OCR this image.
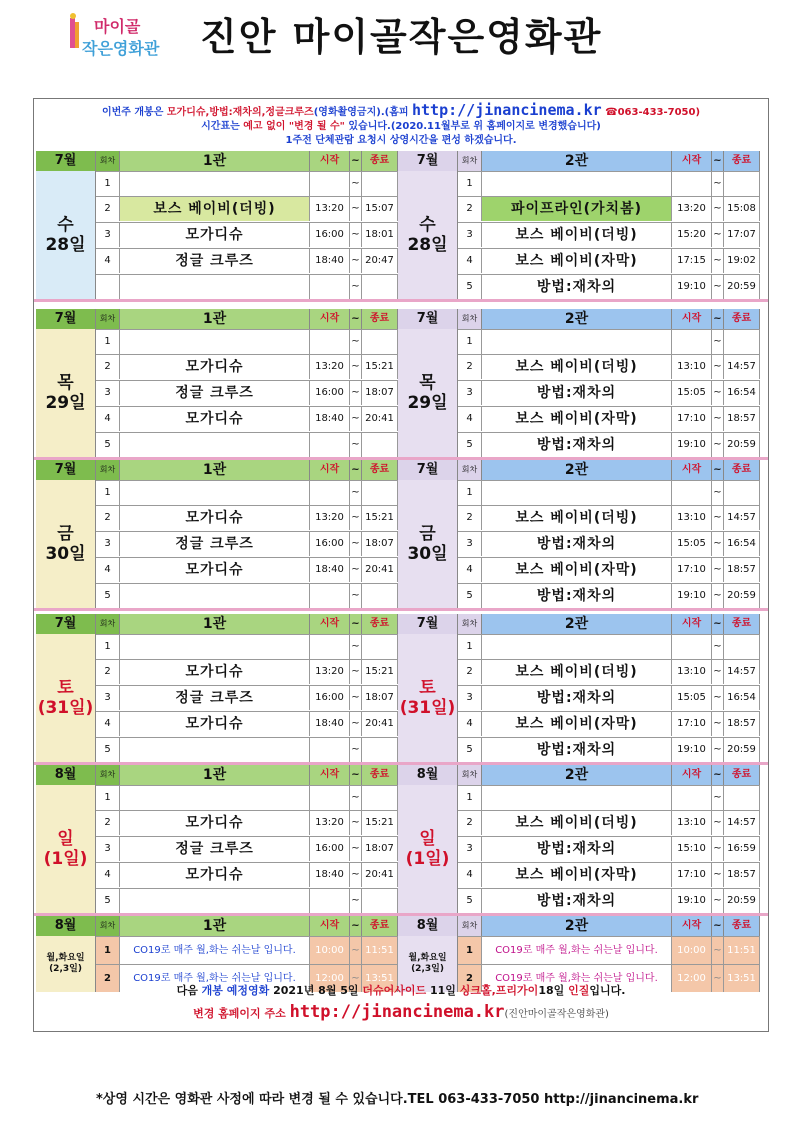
마이골
작은영화관 진안 마이골작은영화관
이번주 개봉은 모가디슈,방법:재차의,정글크루즈(영화촬영금지).(홈피 http://jinancinema.kr ☎063-433-7050)
시간표는 예고 없이 "변경 될 수" 있습니다.(2020.11월부로 위 홈페이지로 변경했습니다)
1주전 단체관람 요청시 상영시간을 편성 하겠습니다.
7월	회차	1관	시작	~	종료
수
28일
1	~
2	보스 베이비(더빙)	13:20 ~ 15:07
3	모가디슈	16:00 ~ 18:01
4	정글 크루즈	18:40 ~ 20:47
~
7월	회차	2관	시작	~	종료
수
28일
1	~
2	파이프라인(가치봄)	13:20 ~ 15:08
3	보스 베이비(더빙)	15:20 ~ 17:07
4	보스 베이비(자막)	17:15 ~ 19:02
5	방법:재차의	19:10 ~ 20:59
7월	회차	1관	시작	~	종료
목
29일
1	~
2	모가디슈	13:20 ~ 15:21
3	정글 크루즈	16:00 ~ 18:07
4	모가디슈	18:40 ~ 20:41
5	~
7월	회차	2관	시작	~	종료
목
29일
1	~
2	보스 베이비(더빙)	13:10 ~ 14:57
3	방법:재차의	15:05 ~ 16:54
4	보스 베이비(자막)	17:10 ~ 18:57
5	방법:재차의	19:10 ~ 20:59
7월	회차	1관	시작	~	종료
금
30일
1	~
2	모가디슈	13:20 ~ 15:21
3	정글 크루즈	16:00 ~ 18:07
4	모가디슈	18:40 ~ 20:41
5	~
7월	회차	2관	시작	~	종료
금
30일
1	~
2	보스 베이비(더빙)	13:10 ~ 14:57
3	방법:재차의	15:05 ~ 16:54
4	보스 베이비(자막)	17:10 ~ 18:57
5	방법:재차의	19:10 ~ 20:59
7월	회차	1관	시작	~	종료
토
(31일)
1	~
2	모가디슈	13:20 ~ 15:21
3	정글 크루즈	16:00 ~ 18:07
4	모가디슈	18:40 ~ 20:41
5	~
7월	회차	2관	시작	~	종료
토
(31일)
1	~
2	보스 베이비(더빙)	13:10 ~ 14:57
3	방법:재차의	15:05 ~ 16:54
4	보스 베이비(자막)	17:10 ~ 18:57
5	방법:재차의	19:10 ~ 20:59
8월	회차	1관	시작	~	종료
일
(1일)
1	~
2	모가디슈	13:20 ~ 15:21
3	정글 크루즈	16:00 ~ 18:07
4	모가디슈	18:40 ~ 20:41
5	~
8월	회차	2관	시작	~	종료
일
(1일)
1	~
2	보스 베이비(더빙)	13:10 ~ 14:57
3	방법:재차의	15:10 ~ 16:59
4	보스 베이비(자막)	17:10 ~ 18:57
5	방법:재차의	19:10 ~ 20:59
8월	회차	1관	시작	~	종료
월,화요일
(2,3일)
1	CO19로 매주 월,화는 쉬는날 입니다.	10:00 ~ 11:51
2	CO19로 매주 월,화는 쉬는날 입니다.	12:00 ~ 13:51
8월	회차	2관	시작	~	종료
월,화요일
(2,3일)
1	CO19로 매주 월,화는 쉬는날 입니다.	10:00 ~ 11:51
2	CO19로 매주 월,화는 쉬는날 입니다.	12:00 ~ 13:51
다음 개봉 예정영화 2021년 8월 5일 더슈어사이드 11일 싱크홀,프리가이18일 인질입니다.
변경 홈페이지 주소 http://jinancinema.kr(진안마이골작은영화관)
*상영 시간은 영화관 사정에 따라 변경 될 수 있습니다.TEL 063-433-7050 http://jinancinema.kr
